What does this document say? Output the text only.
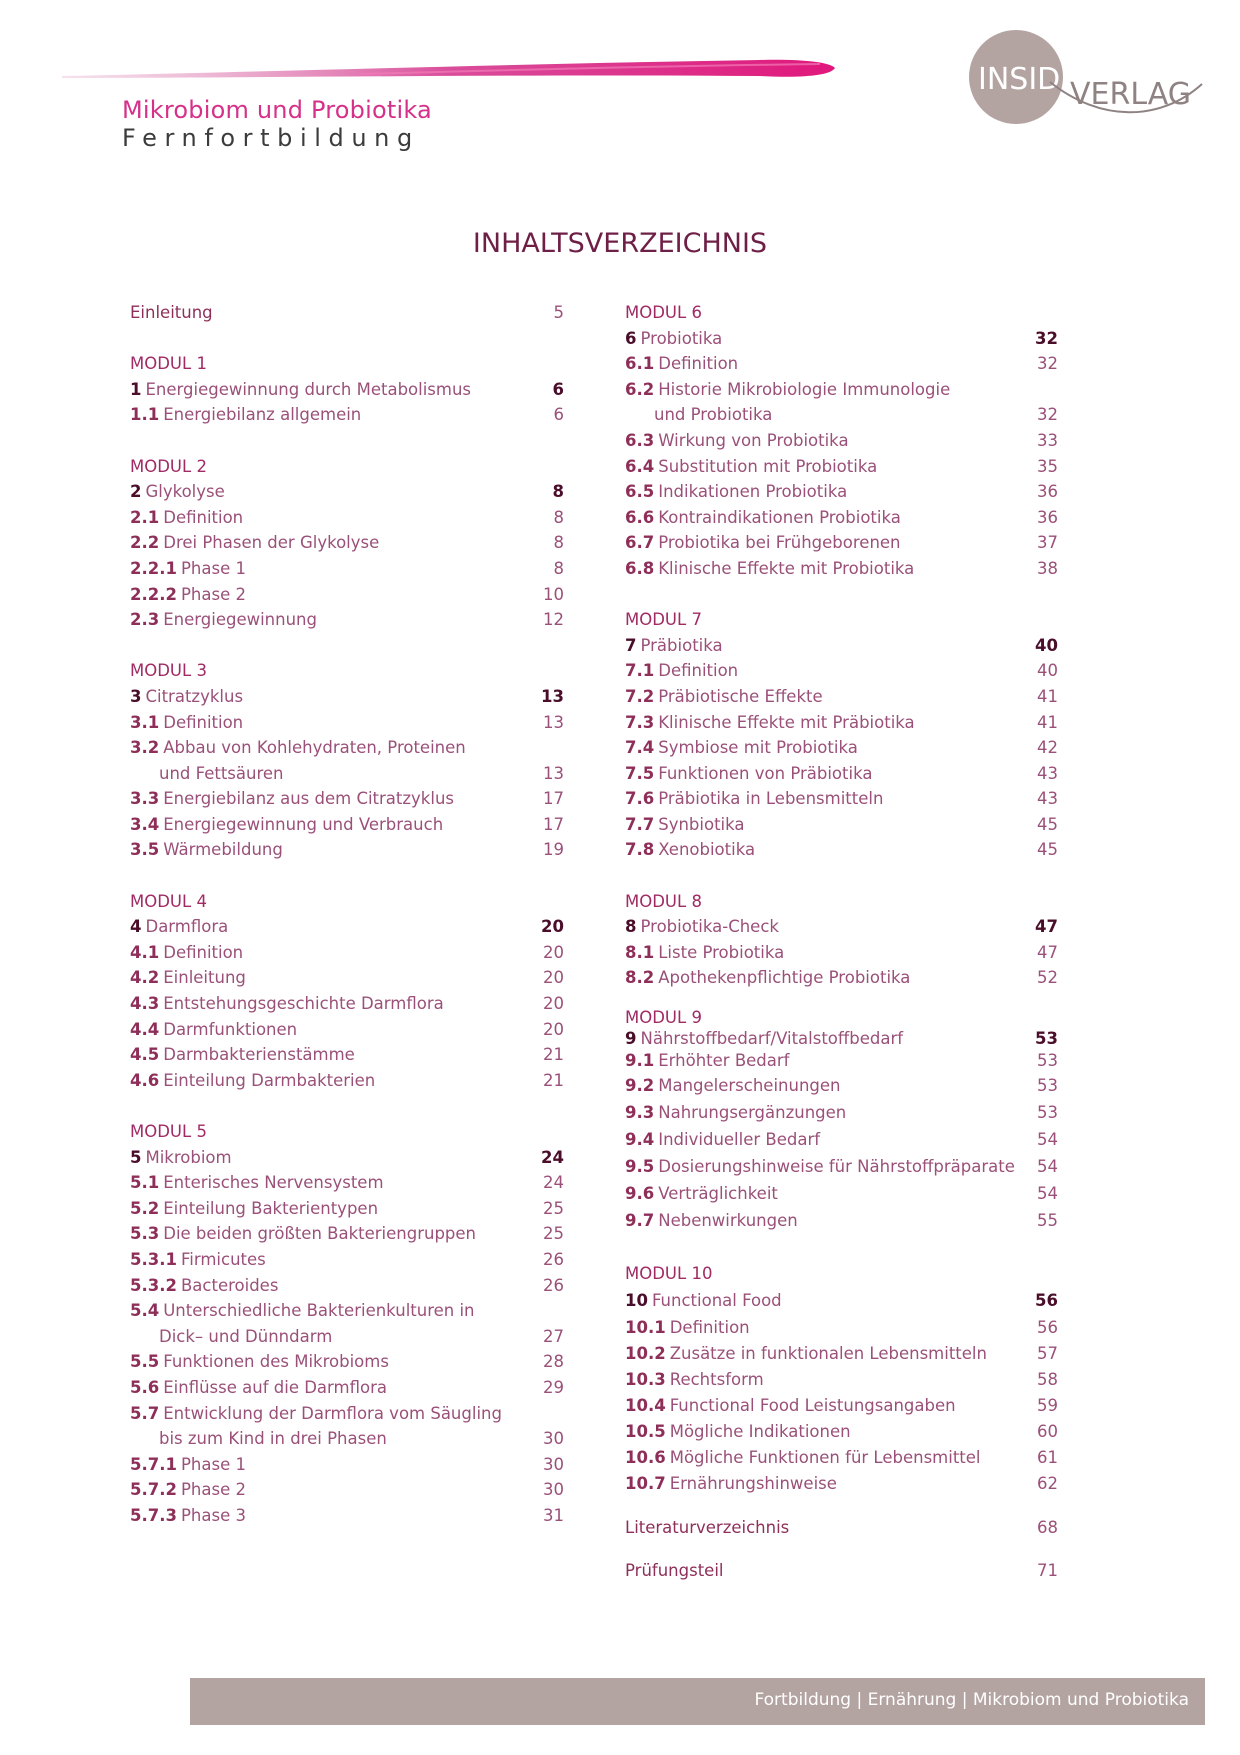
Mikrobiom und Probiotika
Fernfortbildung
INSIDE
VERLAG
INHALTSVERZEICHNIS
Einleitung	5
MODUL 1
1 Energiegewinnung durch Metabolismus	6
1.1 Energiebilanz allgemein	6
MODUL 2
2 Glykolyse	8
2.1 Definition	8
2.2 Drei Phasen der Glykolyse	8
2.2.1 Phase 1	8
2.2.2 Phase 2	10
2.3 Energiegewinnung	12
MODUL 3
3 Citratzyklus	13
3.1 Definition	13
3.2 Abbau von Kohlehydraten, Proteinen
und Fettsäuren	13
3.3 Energiebilanz aus dem Citratzyklus	17
3.4 Energiegewinnung und Verbrauch	17
3.5 Wärmebildung	19
MODUL 4
4 Darmflora	20
4.1 Definition	20
4.2 Einleitung	20
4.3 Entstehungsgeschichte Darmflora	20
4.4 Darmfunktionen	20
4.5 Darmbakterienstämme	21
4.6 Einteilung Darmbakterien	21
MODUL 5
5 Mikrobiom	24
5.1 Enterisches Nervensystem	24
5.2 Einteilung Bakterientypen	25
5.3 Die beiden größten Bakteriengruppen	25
5.3.1 Firmicutes	26
5.3.2 Bacteroides	26
5.4 Unterschiedliche Bakterienkulturen in
Dick– und Dünndarm	27
5.5 Funktionen des Mikrobioms	28
5.6 Einflüsse auf die Darmflora	29
5.7 Entwicklung der Darmflora vom Säugling
bis zum Kind in drei Phasen	30
5.7.1 Phase 1	30
5.7.2 Phase 2	30
5.7.3 Phase 3	31
MODUL 6
6 Probiotika	32
6.1 Definition	32
6.2 Historie Mikrobiologie Immunologie
und Probiotika	32
6.3 Wirkung von Probiotika	33
6.4 Substitution mit Probiotika	35
6.5 Indikationen Probiotika	36
6.6 Kontraindikationen Probiotika	36
6.7 Probiotika bei Frühgeborenen	37
6.8 Klinische Effekte mit Probiotika	38
MODUL 7
7 Präbiotika	40
7.1 Definition	40
7.2 Präbiotische Effekte	41
7.3 Klinische Effekte mit Präbiotika	41
7.4 Symbiose mit Probiotika	42
7.5 Funktionen von Präbiotika	43
7.6 Präbiotika in Lebensmitteln	43
7.7 Synbiotika	45
7.8 Xenobiotika	45
MODUL 8
8 Probiotika-Check	47
8.1 Liste Probiotika	47
8.2 Apothekenpflichtige Probiotika	52
MODUL 9
9 Nährstoffbedarf/Vitalstoffbedarf	53
9.1 Erhöhter Bedarf	53
9.2 Mangelerscheinungen	53
9.3 Nahrungsergänzungen	53
9.4 Individueller Bedarf	54
9.5 Dosierungshinweise für Nährstoffpräparate 54
9.6 Verträglichkeit	54
9.7 Nebenwirkungen	55
MODUL 10
10 Functional Food	56
10.1 Definition	56
10.2 Zusätze in funktionalen Lebensmitteln	57
10.3 Rechtsform	58
10.4 Functional Food Leistungsangaben	59
10.5 Mögliche Indikationen	60
10.6 Mögliche Funktionen für Lebensmittel	61
10.7 Ernährungshinweise	62
Literaturverzeichnis	68
Prüfungsteil	71
Fortbildung | Ernährung | Mikrobiom und Probiotika
